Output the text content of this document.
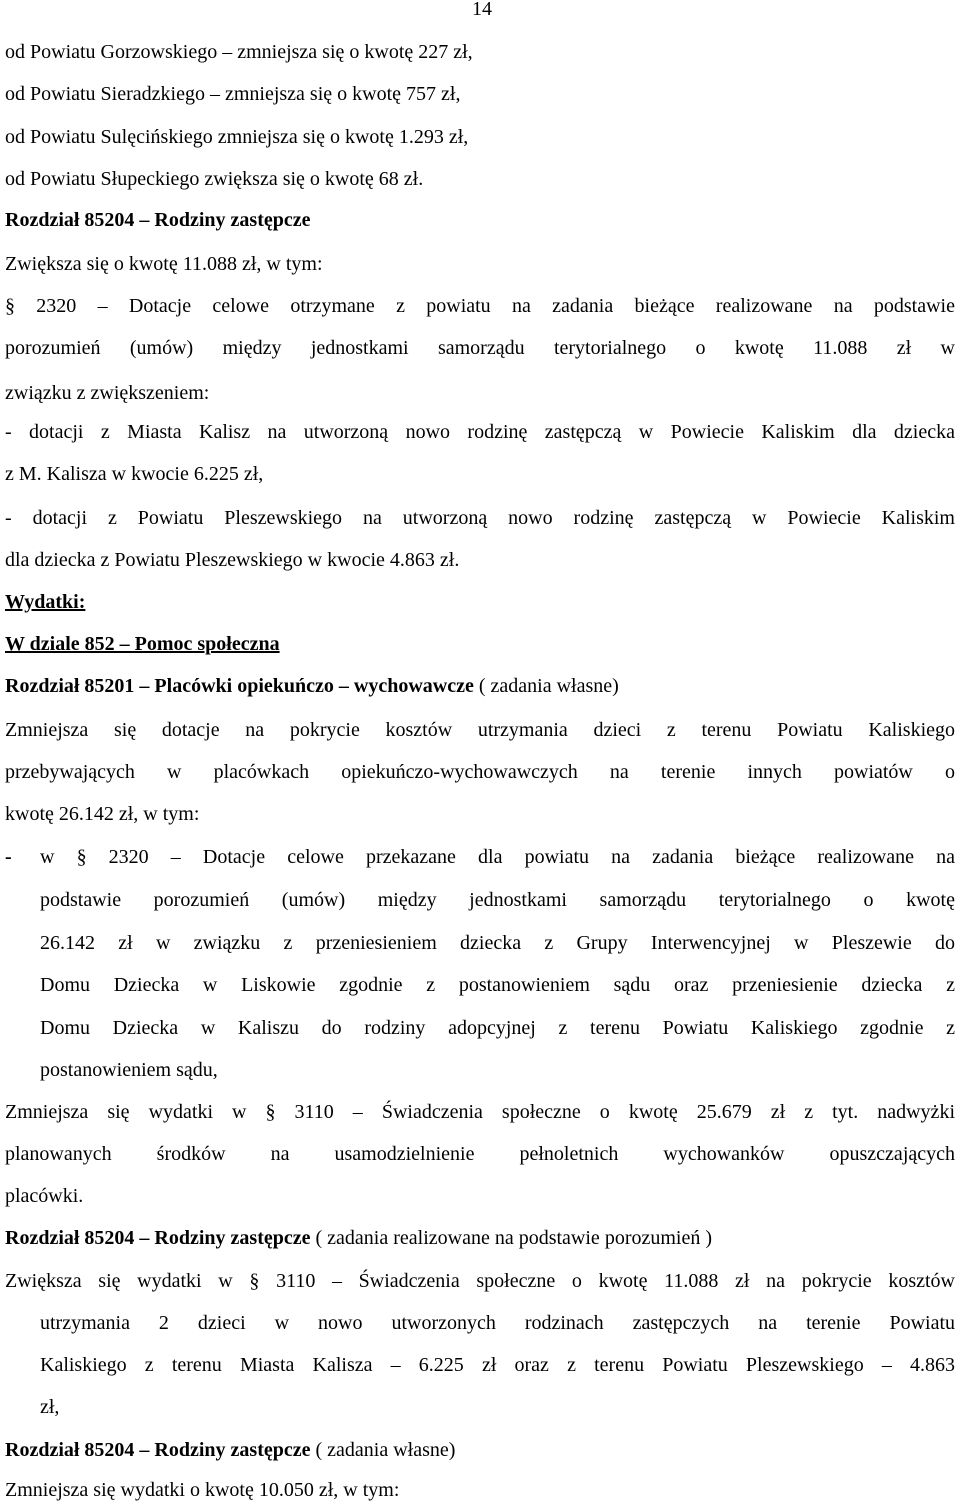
14
od Powiatu Gorzowskiego – zmniejsza się o kwotę 227 zł,
od Powiatu Sieradzkiego – zmniejsza się o kwotę 757 zł,
od Powiatu Sulęcińskiego zmniejsza się o kwotę 1.293 zł,
od Powiatu Słupeckiego zwiększa się o kwotę 68 zł.
Rozdział 85204 – Rodziny zastępcze
Zwiększa się o kwotę 11.088 zł, w tym:
§ 2320 – Dotacje celowe otrzymane z powiatu na zadania bieżące realizowane na podstawie
porozumień (umów) między jednostkami samorządu terytorialnego o kwotę 11.088 zł w
związku z zwiększeniem:
- dotacji z Miasta Kalisz na utworzoną nowo rodzinę zastępczą w Powiecie Kaliskim dla dziecka
z M. Kalisza w kwocie 6.225 zł,
- dotacji z Powiatu Pleszewskiego na utworzoną nowo rodzinę zastępczą w Powiecie Kaliskim
dla dziecka z Powiatu Pleszewskiego w kwocie 4.863 zł.
Wydatki:
W dziale 852 – Pomoc społeczna
Rozdział 85201 – Placówki opiekuńczo – wychowawcze ( zadania własne)
Zmniejsza się dotacje na pokrycie kosztów utrzymania dzieci z terenu Powiatu Kaliskiego
przebywających w placówkach opiekuńczo-wychowawczych na terenie innych powiatów o
kwotę 26.142 zł, w tym:
- w § 2320 – Dotacje celowe przekazane dla powiatu na zadania bieżące realizowane na
podstawie porozumień (umów) między jednostkami samorządu terytorialnego o kwotę
26.142 zł w związku z przeniesieniem dziecka z Grupy Interwencyjnej w Pleszewie do
Domu Dziecka w Liskowie zgodnie z postanowieniem sądu oraz przeniesienie dziecka z
Domu Dziecka w Kaliszu do rodziny adopcyjnej z terenu Powiatu Kaliskiego zgodnie z
postanowieniem sądu,
Zmniejsza się wydatki w § 3110 – Świadczenia społeczne o kwotę 25.679 zł z tyt. nadwyżki
planowanych środków na usamodzielnienie pełnoletnich wychowanków opuszczających
placówki.
Rozdział 85204 – Rodziny zastępcze ( zadania realizowane na podstawie porozumień )
Zwiększa się wydatki w § 3110 – Świadczenia społeczne o kwotę 11.088 zł na pokrycie kosztów
utrzymania 2 dzieci w nowo utworzonych rodzinach zastępczych na terenie Powiatu
Kaliskiego z terenu Miasta Kalisza – 6.225 zł oraz z terenu Powiatu Pleszewskiego – 4.863
zł,
Rozdział 85204 – Rodziny zastępcze ( zadania własne)
Zmniejsza się wydatki o kwotę 10.050 zł, w tym:
